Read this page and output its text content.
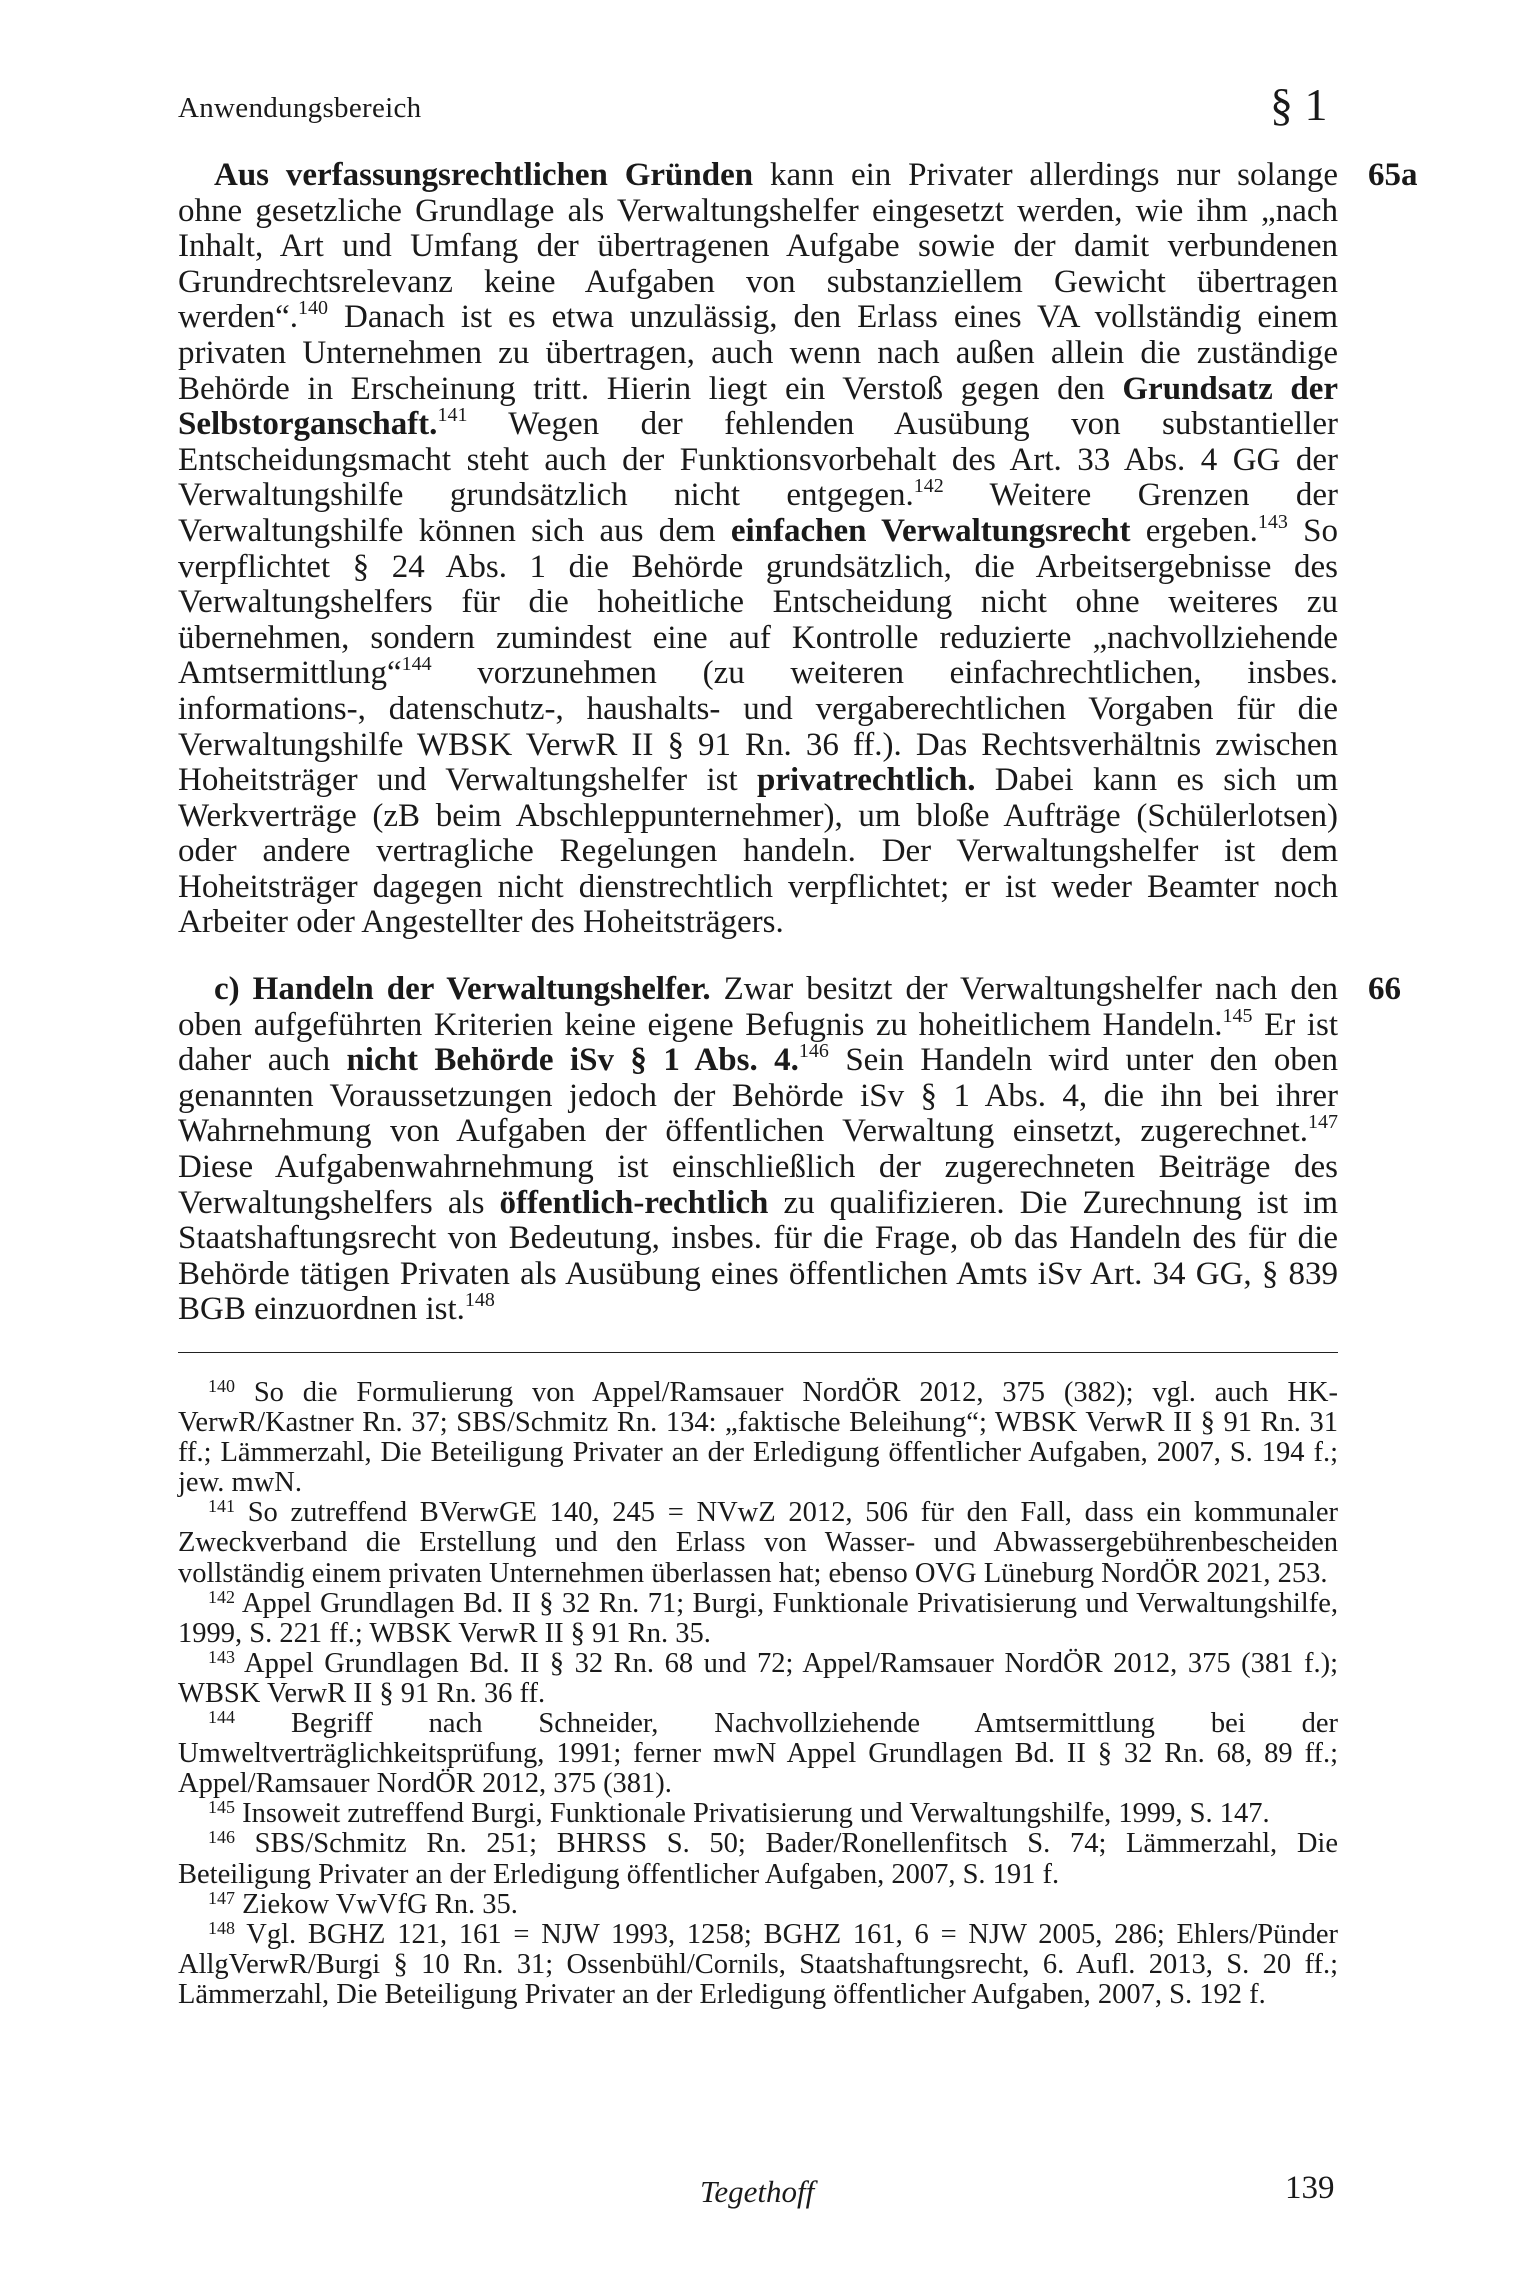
Anwendungsbereich	§ 1
Aus verfassungsrechtlichen Gründen kann ein Privater allerdings nur solange ohne gesetzliche Grundlage als Verwaltungshelfer eingesetzt werden, wie ihm „nach Inhalt, Art und Umfang der übertragenen Aufgabe sowie der damit verbundenen Grundrechtsrelevanz keine Aufgaben von substanziellem Gewicht übertragen werden“.$^{140}$ Danach ist es etwa unzulässig, den Erlass eines VA vollständig einem privaten Unternehmen zu übertragen, auch wenn nach außen allein die zuständige Behörde in Erscheinung tritt. Hierin liegt ein Verstoß gegen den Grundsatz der Selbstorganschaft.$^{141}$ Wegen der fehlenden Ausübung von substantieller Entscheidungsmacht steht auch der Funktionsvorbehalt des Art. 33 Abs. 4 GG der Verwaltungshilfe grundsätzlich nicht entgegen.$^{142}$ Weitere Grenzen der Verwaltungshilfe können sich aus dem einfachen Verwaltungsrecht ergeben.$^{143}$ So verpflichtet § 24 Abs. 1 die Behörde grundsätzlich, die Arbeitsergebnisse des Verwaltungshelfers für die hoheitliche Entscheidung nicht ohne weiteres zu übernehmen, sondern zumindest eine auf Kontrolle reduzierte „nachvollziehende Amtsermittlung“$^{144}$ vorzunehmen (zu weiteren einfachrechtlichen, insbes. informations-, datenschutz-, haushalts- und vergaberechtlichen Vorgaben für die Verwaltungshilfe WBSK VerwR II § 91 Rn. 36 ff.). Das Rechtsverhältnis zwischen Hoheitsträger und Verwaltungshelfer ist privatrechtlich. Dabei kann es sich um Werkverträge (zB beim Abschleppunternehmer), um bloße Aufträge (Schülerlotsen) oder andere vertragliche Regelungen handeln. Der Verwaltungshelfer ist dem Hoheitsträger dagegen nicht dienstrechtlich verpflichtet; er ist weder Beamter noch Arbeiter oder Angestellter des Hoheitsträgers.
65a
c) Handeln der Verwaltungshelfer. Zwar besitzt der Verwaltungshelfer nach den oben aufgeführten Kriterien keine eigene Befugnis zu hoheitlichem Handeln.$^{145}$ Er ist daher auch nicht Behörde iSv § 1 Abs. 4.$^{146}$ Sein Handeln wird unter den oben genannten Voraussetzungen jedoch der Behörde iSv § 1 Abs. 4, die ihn bei ihrer Wahrnehmung von Aufgaben der öffentlichen Verwaltung einsetzt, zugerechnet.$^{147}$ Diese Aufgabenwahrnehmung ist einschließlich der zugerechneten Beiträge des Verwaltungshelfers als öffentlich-rechtlich zu qualifizieren. Die Zurechnung ist im Staatshaftungsrecht von Bedeutung, insbes. für die Frage, ob das Handeln des für die Behörde tätigen Privaten als Ausübung eines öffentlichen Amts iSv Art. 34 GG, § 839 BGB einzuordnen ist.$^{148}$
66
$^{140}$ So die Formulierung von Appel/Ramsauer NordÖR 2012, 375 (382); vgl. auch HK-VerwR/Kastner Rn. 37; SBS/Schmitz Rn. 134: „faktische Beleihung“; WBSK VerwR II § 91 Rn. 31 ff.; Lämmerzahl, Die Beteiligung Privater an der Erledigung öffentlicher Aufgaben, 2007, S. 194 f.; jew. mwN.
$^{141}$ So zutreffend BVerwGE 140, 245 = NVwZ 2012, 506 für den Fall, dass ein kommunaler Zweckverband die Erstellung und den Erlass von Wasser- und Abwassergebührenbescheiden vollständig einem privaten Unternehmen überlassen hat; ebenso OVG Lüneburg NordÖR 2021, 253.
$^{142}$ Appel Grundlagen Bd. II § 32 Rn. 71; Burgi, Funktionale Privatisierung und Verwaltungshilfe, 1999, S. 221 ff.; WBSK VerwR II § 91 Rn. 35.
$^{143}$ Appel Grundlagen Bd. II § 32 Rn. 68 und 72; Appel/Ramsauer NordÖR 2012, 375 (381 f.); WBSK VerwR II § 91 Rn. 36 ff.
$^{144}$ Begriff nach Schneider, Nachvollziehende Amtsermittlung bei der Umweltverträglichkeitsprüfung, 1991; ferner mwN Appel Grundlagen Bd. II § 32 Rn. 68, 89 ff.; Appel/Ramsauer NordÖR 2012, 375 (381).
$^{145}$ Insoweit zutreffend Burgi, Funktionale Privatisierung und Verwaltungshilfe, 1999, S. 147.
$^{146}$ SBS/Schmitz Rn. 251; BHRSS S. 50; Bader/Ronellenfitsch S. 74; Lämmerzahl, Die Beteiligung Privater an der Erledigung öffentlicher Aufgaben, 2007, S. 191 f.
$^{147}$ Ziekow VwVfG Rn. 35.
$^{148}$ Vgl. BGHZ 121, 161 = NJW 1993, 1258; BGHZ 161, 6 = NJW 2005, 286; Ehlers/Pünder AllgVerwR/Burgi § 10 Rn. 31; Ossenbühl/Cornils, Staatshaftungsrecht, 6. Aufl. 2013, S. 20 ff.; Lämmerzahl, Die Beteiligung Privater an der Erledigung öffentlicher Aufgaben, 2007, S. 192 f.
Tegethoff	139
